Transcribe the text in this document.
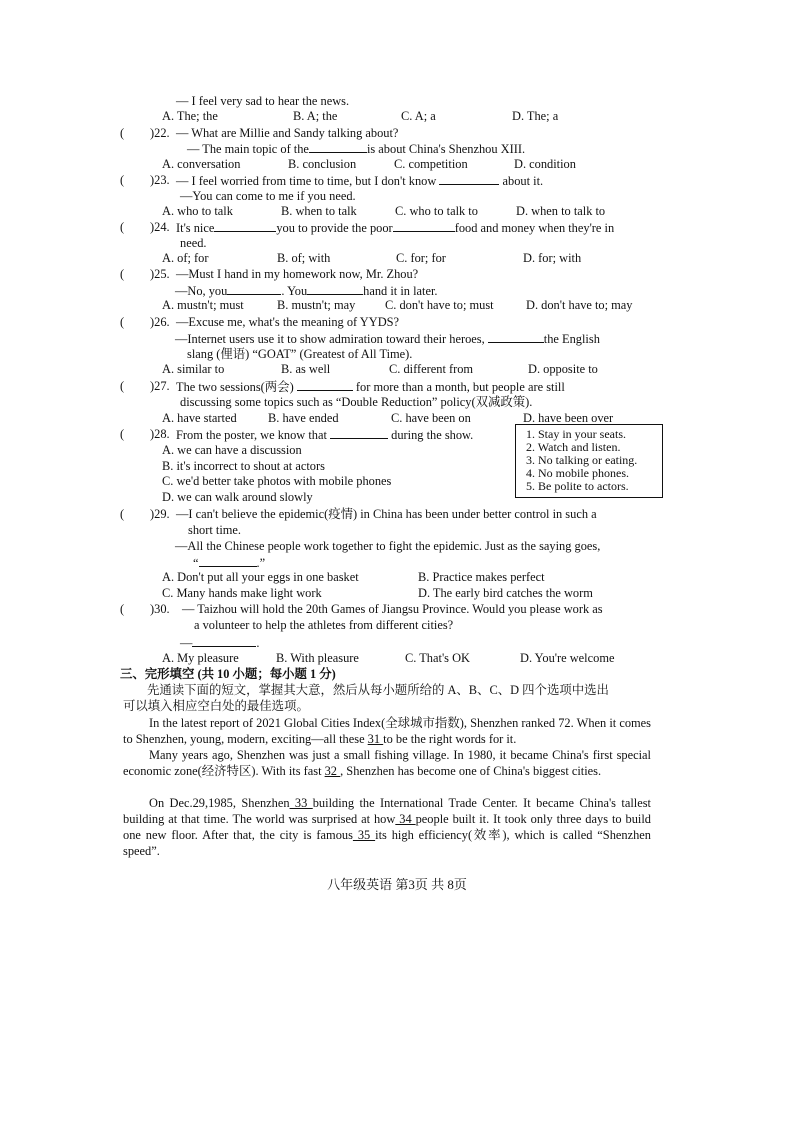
— I feel very sad to hear the news.
A. The; the	B. A; the	C. A; a	D. The; a
( )22. — What are Millie and Sandy talking about?
— The main topic of the	is about China's Shenzhou XIII.
A. conversation	B. conclusion	C. competition	D. condition
( )23. — I feel worried from time to time, but I don't know	about it.
—You can come to me if you need.
A. who to talk	B. when to talk	C. who to talk to	D. when to talk to
( )24. It's nice	you to provide the poor	food and money when they're in
need.
A. of; for	B. of; with	C. for; for	D. for; with
( )25. —Must I hand in my homework now, Mr. Zhou?
—No, you	. You	hand it in later.
A. mustn't; must	B. mustn't; may C. don't have to; must	D. don't have to; may
( )26. —Excuse me, what's the meaning of YYDS?
—Internet users use it to show admiration toward their heroes,	the English
slang (俚语) “GOAT” (Greatest of All Time).
A. similar to	B. as well	C. different from	D. opposite to
( )27. The two sessions(两会)	for more than a month, but people are still
discussing some topics such as “Double Reduction” policy(双减政策).
A. have started	B. have ended	C. have been on	D. have been over
( )28. From the poster, we know that	during the show.
A. we can have a discussion
B. it's incorrect to shout at actors
C. we'd better take photos with mobile phones
D. we can walk around slowly
1. Stay in your seats.
2. Watch and listen.
3. No talking or eating.
4. No mobile phones.
5. Be polite to actors.
( )29. —I can't believe the epidemic(疫情) in China has been under better control in such a
short time.
—All the Chinese people work together to fight the epidemic. Just as the saying goes,
“	.”
A. Don't put all your eggs in one basket	B. Practice makes perfect
C. Many hands make light work	D. The early bird catches the worm
( )30. — Taizhou will hold the 20th Games of Jiangsu Province. Would you please work as
a volunteer to help the athletes from different cities?
—	.
A. My pleasure	B. With pleasure	C. That's OK	D. You're welcome
三、完形填空 (共 10 小题；每小题 1 分)
先通读下面的短文，掌握其大意，然后从每小题所给的 A、B、C、D 四个选项中选出
可以填入相应空白处的最佳选项。
In the latest report of 2021 Global Cities Index(全球城市指数), Shenzhen ranked 72. When it comes to Shenzhen, young, modern, exciting—all these 31 to be the right words for it.
Many years ago, Shenzhen was just a small fishing village. In 1980, it became China's first special economic zone(经济特区). With its fast 32 , Shenzhen has become one of China's biggest cities.
On Dec.29,1985, Shenzhen 33 building the International Trade Center. It became China's tallest building at that time. The world was surprised at how 34 people built it. It took only three days to build one new floor. After that, the city is famous 35 its high efficiency(效率), which is called “Shenzhen speed”.
八年级英语 第3页 共 8页
